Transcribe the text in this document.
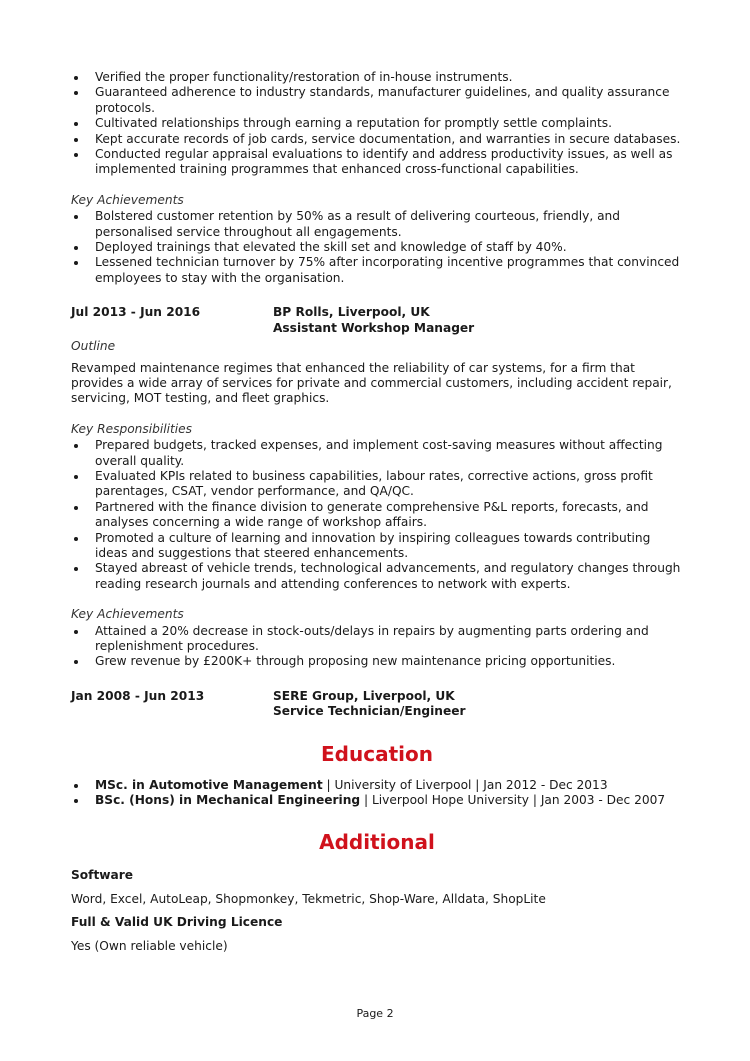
Verified the proper functionality/restoration of in-house instruments.
Guaranteed adherence to industry standards, manufacturer guidelines, and quality assurance protocols.
Cultivated relationships through earning a reputation for promptly settle complaints.
Kept accurate records of job cards, service documentation, and warranties in secure databases.
Conducted regular appraisal evaluations to identify and address productivity issues, as well as implemented training programmes that enhanced cross-functional capabilities.
Key Achievements
Bolstered customer retention by 50% as a result of delivering courteous, friendly, and personalised service throughout all engagements.
Deployed trainings that elevated the skill set and knowledge of staff by 40%.
Lessened technician turnover by 75% after incorporating incentive programmes that convinced employees to stay with the organisation.
Jul 2013 - Jun 2016	BP Rolls, Liverpool, UK
Assistant Workshop Manager
Outline
Revamped maintenance regimes that enhanced the reliability of car systems, for a firm that provides a wide array of services for private and commercial customers, including accident repair, servicing, MOT testing, and fleet graphics.
Key Responsibilities
Prepared budgets, tracked expenses, and implement cost-saving measures without affecting overall quality.
Evaluated KPIs related to business capabilities, labour rates, corrective actions, gross profit parentages, CSAT, vendor performance, and QA/QC.
Partnered with the finance division to generate comprehensive P&L reports, forecasts, and analyses concerning a wide range of workshop affairs.
Promoted a culture of learning and innovation by inspiring colleagues towards contributing ideas and suggestions that steered enhancements.
Stayed abreast of vehicle trends, technological advancements, and regulatory changes through reading research journals and attending conferences to network with experts.
Key Achievements
Attained a 20% decrease in stock-outs/delays in repairs by augmenting parts ordering and replenishment procedures.
Grew revenue by £200K+ through proposing new maintenance pricing opportunities.
Jan 2008 - Jun 2013	SERE Group, Liverpool, UK
Service Technician/Engineer
Education
MSc. in Automotive Management | University of Liverpool | Jan 2012 - Dec 2013
BSc. (Hons) in Mechanical Engineering | Liverpool Hope University | Jan 2003 - Dec 2007
Additional
Software
Word, Excel, AutoLeap, Shopmonkey, Tekmetric, Shop-Ware, Alldata, ShopLite
Full & Valid UK Driving Licence
Yes (Own reliable vehicle)
Page 2
